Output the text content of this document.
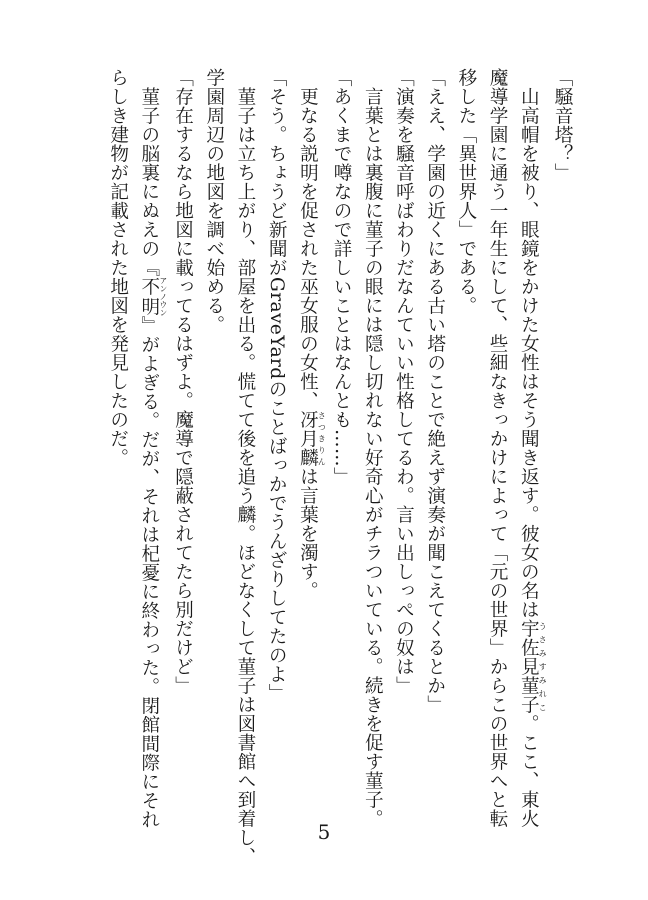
「騒音塔？」

　山高帽を被り、眼鏡をかけた女性はそう聞き返す。彼女の名は宇佐見菫子 うさみすみれこ。ここ、東火

魔導学園に通う一年生にして、些細なきっかけによって「元の世界」からこの世界へと転

移した「異世界人」である。

「ええ、学園の近くにある古い塔のことで絶えず演奏が聞こえてくるとか」

「演奏を騒音呼ばわりだなんていい性格してるわ。言い出しっぺの奴は」

　言葉とは裏腹に菫子の眼には隠し切れない好奇心がチラついている。続きを促す菫子。

「あくまで噂なので詳しいことはなんとも……」

　更なる説明を促された巫女服の女性、冴月麟 さつきりんは言葉を濁す。

「そう。ちょうど新聞がGraveYardのことばっかでうんざりしてたのよ」

　菫子は立ち上がり、部屋を出る。慌てて後を追う麟。ほどなくして菫子は図書館へ到着し、

学園周辺の地図を調べ始める。

「存在するなら地図に載ってるはずよ。魔導で隠蔽されてたら別だけど」

　菫子の脳裏にぬえの『不明 アンノウン』がよぎる。だが、それは杞憂に終わった。閉館間際にそれ

らしき建物が記載された地図を発見したのだ。

5
